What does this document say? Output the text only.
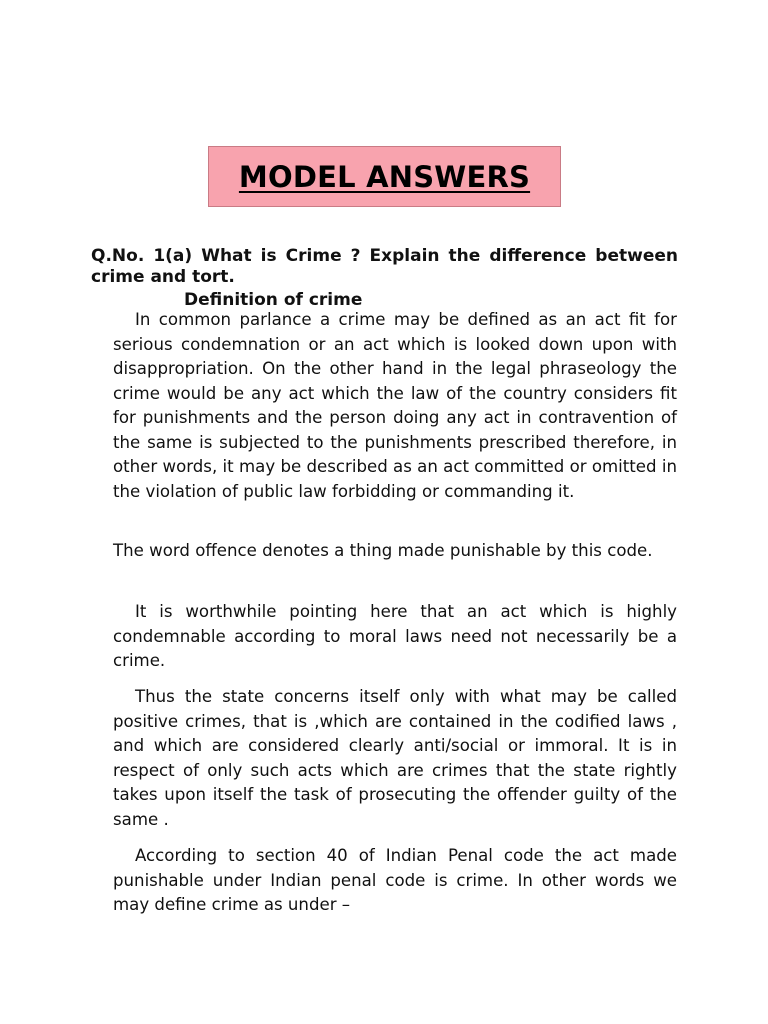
MODEL ANSWERS

Q.No. 1(a) What is Crime ? Explain the difference between crime and tort.

Definition of crime

In common parlance a crime may be defined as an act fit for serious condemnation or an act which is looked down upon with disappropriation. On the other hand in the legal phraseology the crime would be any act which the law of the country considers fit for punishments and the person doing any act in contravention of the same is subjected to the punishments prescribed therefore, in other words, it may be described as an act committed or omitted in the violation of public law forbidding or commanding it.

The word offence denotes a thing made punishable by this code.

It is worthwhile pointing here that an act which is highly condemnable according to moral laws need not necessarily be a crime.

Thus the state concerns itself only with what may be called positive crimes, that is ,which are contained in the codified laws , and which are considered clearly anti/social or immoral. It is in respect of only such acts which are crimes that the state rightly takes upon itself the task of prosecuting the offender guilty of the same .

According to section 40 of Indian Penal code the act made punishable under Indian penal code is crime. In other words we may define crime as under –
